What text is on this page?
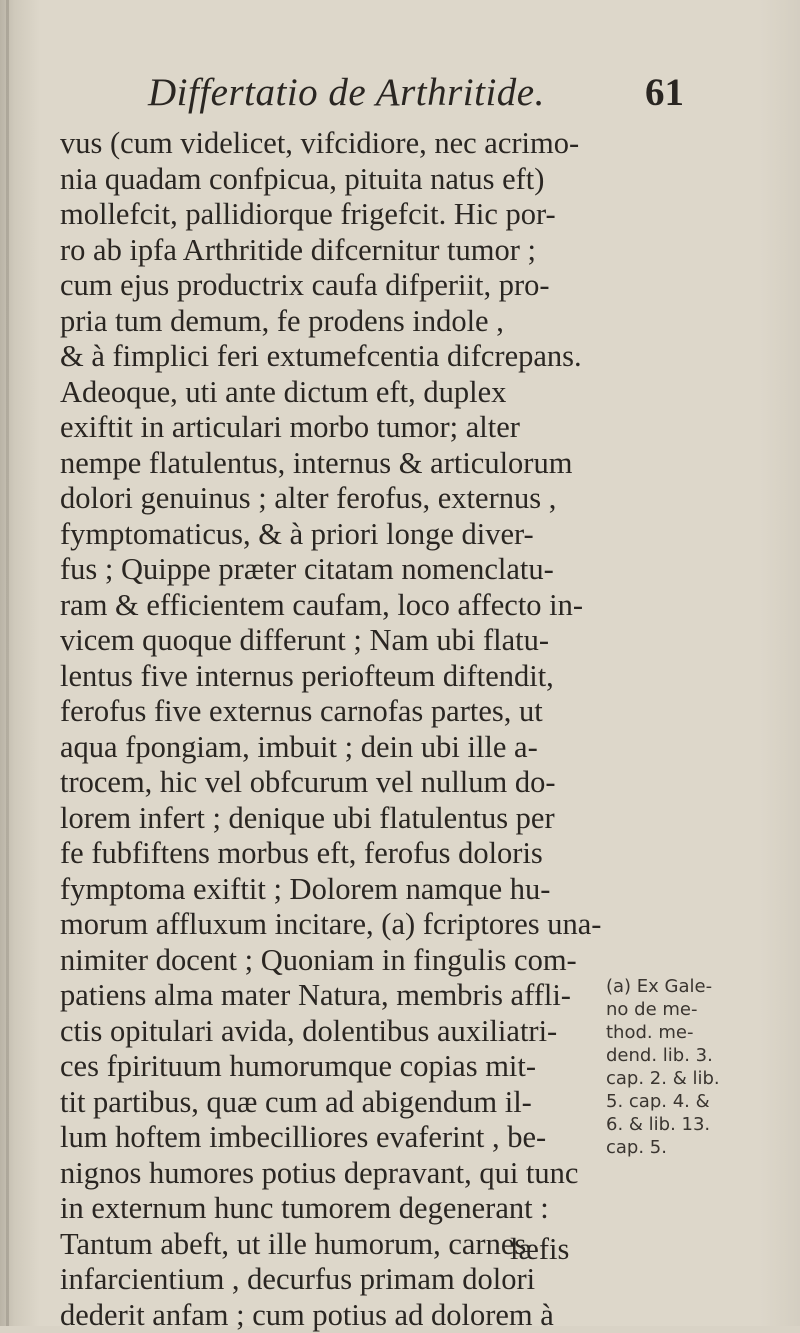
Differtatio de Arthritide.	61
vus (cum videlicet, vifcidiore, nec acrimo-
nia quadam confpicua, pituita natus eft)
mollefcit, pallidiorque frigefcit. Hic por-
ro ab ipfa Arthritide difcernitur tumor ;
cum ejus productrix caufa difperiit, pro-
pria tum demum, fe prodens indole ,
& à fimplici feri extumefcentia difcrepans.
Adeoque, uti ante dictum eft, duplex
exiftit in articulari morbo tumor; alter
nempe flatulentus, internus & articulorum
dolori genuinus ; alter ferofus, externus ,
fymptomaticus, & à priori longe diver-
fus ; Quippe præter citatam nomenclatu-
ram & efficientem caufam, loco affecto in-
vicem quoque differunt ; Nam ubi flatu-
lentus five internus periofteum diftendit,
ferofus five externus carnofas partes, ut
aqua fpongiam, imbuit ; dein ubi ille a-
trocem, hic vel obfcurum vel nullum do-
lorem infert ; denique ubi flatulentus per
fe fubfiftens morbus eft, ferofus doloris
fymptoma exiftit ; Dolorem namque hu-
morum affluxum incitare, (a) fcriptores una-
nimiter docent ; Quoniam in fingulis com-
patiens alma mater Natura, membris affli-
ctis opitulari avida, dolentibus auxiliatri-
ces fpirituum humorumque copias mit-
tit partibus, quæ cum ad abigendum il-
lum hoftem imbecilliores evaferint , be-
nignos humores potius depravant, qui tunc
in externum hunc tumorem degenerant :
Tantum abeft, ut ille humorum, carnes
infarcientium , decurfus primam dolori
dederit anfam ; cum potius ad dolorem à
læfis
(a) Ex Gale-
no de me-
thod. me-
dend. lib. 3.
cap. 2. & lib.
5. cap. 4. &
6. & lib. 13.
cap. 5.
